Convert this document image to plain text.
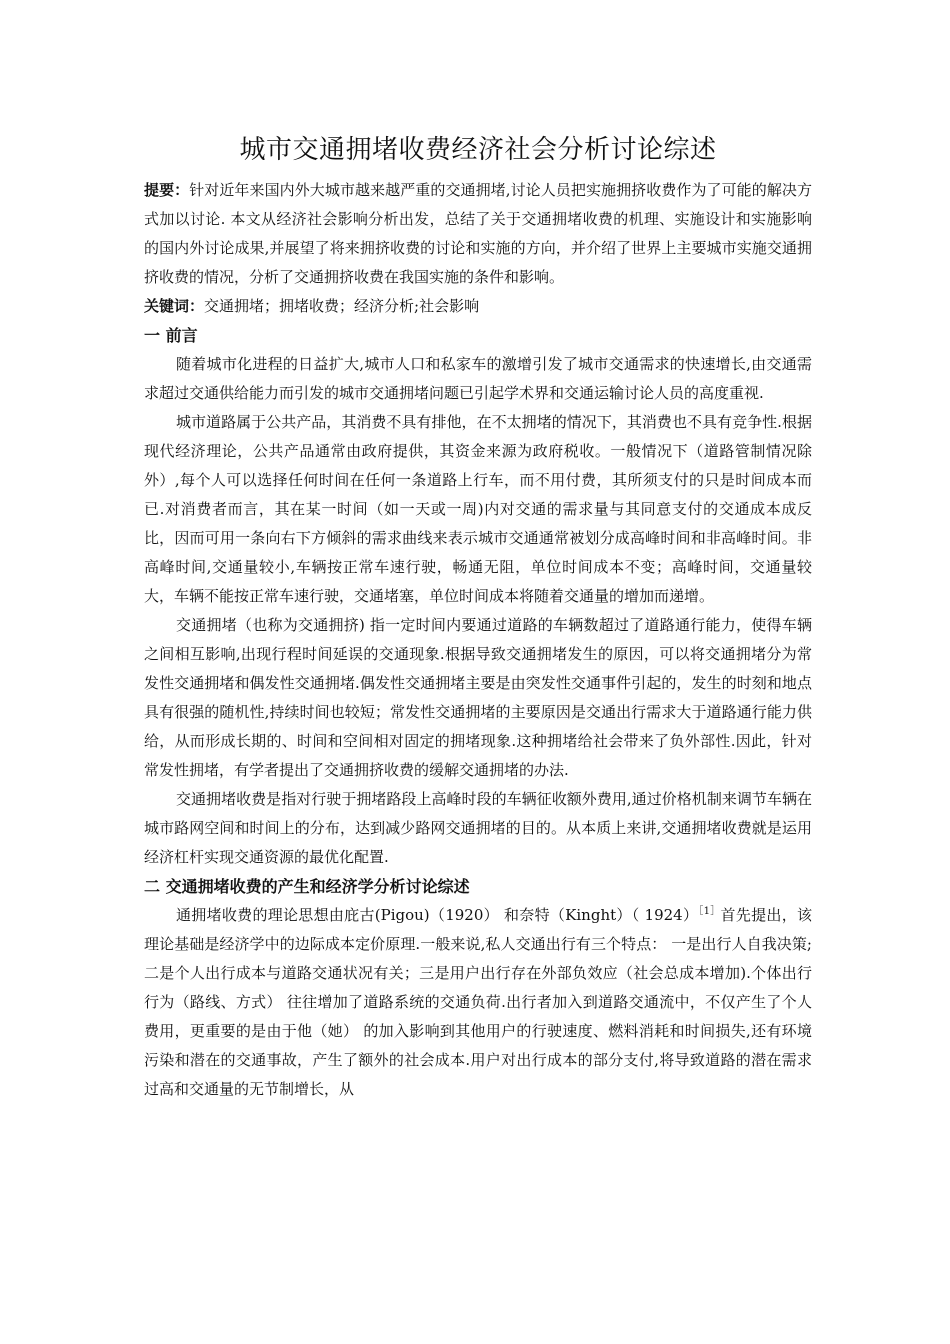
城市交通拥堵收费经济社会分析讨论综述

提要：针对近年来国内外大城市越来越严重的交通拥堵,讨论人员把实施拥挤收费作为了可能的解决方式加以讨论. 本文从经济社会影响分析出发，总结了关于交通拥堵收费的机理、实施设计和实施影响的国内外讨论成果,并展望了将来拥挤收费的讨论和实施的方向，并介绍了世界上主要城市实施交通拥挤收费的情况，分析了交通拥挤收费在我国实施的条件和影响。

关键词：交通拥堵；拥堵收费；经济分析;社会影响

一 前言

随着城市化进程的日益扩大,城市人口和私家车的激增引发了城市交通需求的快速增长,由交通需求超过交通供给能力而引发的城市交通拥堵问题已引起学术界和交通运输讨论人员的高度重视.

城市道路属于公共产品，其消费不具有排他，在不太拥堵的情况下，其消费也不具有竞争性.根据现代经济理论，公共产品通常由政府提供，其资金来源为政府税收。一般情况下（道路管制情况除外）,每个人可以选择任何时间在任何一条道路上行车，而不用付费，其所须支付的只是时间成本而已.对消费者而言，其在某一时间（如一天或一周)内对交通的需求量与其同意支付的交通成本成反比，因而可用一条向右下方倾斜的需求曲线来表示城市交通通常被划分成高峰时间和非高峰时间。非高峰时间,交通量较小,车辆按正常车速行驶，畅通无阻，单位时间成本不变；高峰时间，交通量较大，车辆不能按正常车速行驶，交通堵塞，单位时间成本将随着交通量的增加而递增。

交通拥堵（也称为交通拥挤) 指一定时间内要通过道路的车辆数超过了道路通行能力，使得车辆之间相互影响,出现行程时间延误的交通现象.根据导致交通拥堵发生的原因，可以将交通拥堵分为常发性交通拥堵和偶发性交通拥堵.偶发性交通拥堵主要是由突发性交通事件引起的，发生的时刻和地点具有很强的随机性,持续时间也较短；常发性交通拥堵的主要原因是交通出行需求大于道路通行能力供给，从而形成长期的、时间和空间相对固定的拥堵现象.这种拥堵给社会带来了负外部性.因此，针对常发性拥堵，有学者提出了交通拥挤收费的缓解交通拥堵的办法.

交通拥堵收费是指对行驶于拥堵路段上高峰时段的车辆征收额外费用,通过价格机制来调节车辆在城市路网空间和时间上的分布，达到减少路网交通拥堵的目的。从本质上来讲,交通拥堵收费就是运用经济杠杆实现交通资源的最优化配置.

二 交通拥堵收费的产生和经济学分析讨论综述

通拥堵收费的理论思想由庇古(Pigou)（1920） 和奈特（Kinght）（ 1924）$^{[1]}$首先提出，该理论基础是经济学中的边际成本定价原理.一般来说,私人交通出行有三个特点： 一是出行人自我决策;二是个人出行成本与道路交通状况有关；三是用户出行存在外部负效应（社会总成本增加).个体出行行为（路线、方式） 往往增加了道路系统的交通负荷.出行者加入到道路交通流中，不仅产生了个人费用，更重要的是由于他（她） 的加入影响到其他用户的行驶速度、燃料消耗和时间损失,还有环境污染和潜在的交通事故，产生了额外的社会成本.用户对出行成本的部分支付,将导致道路的潜在需求过高和交通量的无节制增长，从
